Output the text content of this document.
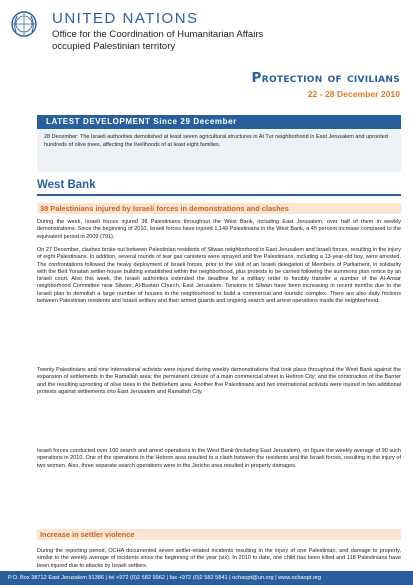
UNITED NATIONS
Office for the Coordination of Humanitarian Affairs
occupied Palestinian territory
Protection of civilians
22 - 28 December 2010
LATEST DEVELOPMENT Since 29 December
28 December: The Israeli authorities demolished at least seven agricultural structures in At Tur neighborhood in East Jerusalem and uprooted hundreds of olive trees, affecting the livelihoods of at least eight families.
West Bank
38 Palestinians injured by Israeli forces in demonstrations and clashes

During the week, Israeli forces injured 38 Palestinians throughout the West Bank, including East Jerusalem, over half of them in weekly demonstrations. Since the beginning of 2010, Israeli forces have injured 1,149 Palestinians in the West Bank, a 45 percent increase compared to the equivalent period in 2009 (791).

On 27 December, clashes broke out between Palestinian residents of Silwan neighborhood in East Jerusalem and Israeli forces, resulting in the injury of eight Palestinians. In addition, several rounds of tear gas canisters were sprayed and five Palestinians, including a 13-year-old boy, were arrested. The confrontations followed the heavy deployment of Israeli forces, prior to the visit of an Israeli delegation of Members of Parliament, in solidarity with the Beit Yonatan settler-house building established within the neighborhood, plus protests to be carried following the summons plan notice by an Israeli court. Also this week, the Israeli authorities extended the deadline for a military order to forcibly transfer a number of the Al-Ansar neighborhood Committee near Silwan, Al-Bustan Church, East Jerusalem. Tensions in Silwan have been increasing in recent months due to the Israeli plan to demolish a large number of houses in the neighborhood to build a commercial and touristic complex. There are also daily frictions between Palestinian residents and Israeli settlers and their armed guards and ongoing search and arrest operations inside the neighborhood.

Twenty Palestinians and nine international activists were injured during weekly demonstrations that took place throughout the West Bank against the expansion of settlements in the Ramallah area; the permanent closure of a main commercial street in Hebron City; and the construction of the Barrier and the resulting uprooting of olive trees in the Bethlehem area. Another five Palestinians and two international activists were injured in two additional protests against settlements into East Jerusalem and Ramallah City.

Israeli forces conducted over 100 search and arrest operations in the West Bank (including East Jerusalem), on figure the weekly average of 90 such operations in 2010. One of the operations in the Hebron area resulted to a clash between the residents and the Israeli forces, resulting in the injury of two women. Also, three separate search operations were in the Jericho area resulted in property damages.

Increase in settler violence

During the reporting period, OCHA documented seven settler-related incidents resulting in the injury of one Palestinian, and damage to property, similar to the weekly average of incidents since the beginning of the year (six). In 2010 to date, one child has been killed and 118 Palestinians have been injured due to attacks by Israeli settlers.

P.O. Box 38712 East Jerusalem 91386 | tel +972 (0)2 582 9962 | fax +972 (0)2 582 5841 | ochaopt@un.org | www.ochaopt.org
